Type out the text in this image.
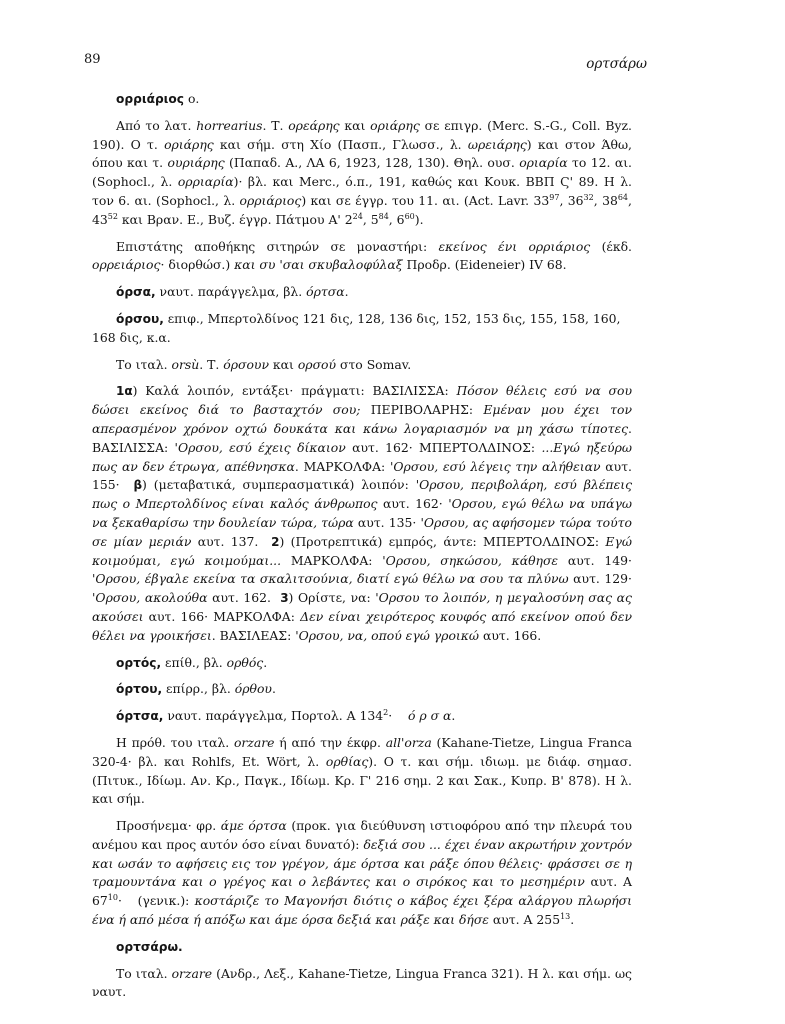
89	ορτσάρω

ορριάριος ο.

Από το λατ. horrearius. Τ. ορεάρης και οριάρης σε επιγρ. (Merc. S.-G., Coll. Byz. 190). Ο τ. οριάρης και σήμ. στη Χίο (Πασπ., Γλωσσ., λ. ωρειάρης) και στον Άθω, όπου και τ. ουριάρης (Παπαδ. Α., ΛΑ 6, 1923, 128, 130). Θηλ. ουσ. οριαρία το 12. αι. (Sophocl., λ. ορριαρία)· βλ. και Merc., ό.π., 191, καθώς και Κουκ. ΒΒΠ Ϛ' 89. Η λ. τον 6. αι. (Sophocl., λ. ορριάριος) και σε έγγρ. του 11. αι. (Act. Lavr. $33^{97}$, $36^{32}$, $38^{64}$, $43^{52}$ και Βραν. Ε., Βυζ. έγγρ. Πάτμου Α' $2^{24}$, $5^{84}$, $6^{60}$).

Επιστάτης αποθήκης σιτηρών σε μοναστήρι: εκείνος ένι ορριάριος (έκδ. ορρειάριος· διορθώσ.) και συ 'σαι σκυβαλοφύλαξ Προδρ. (Eideneier) IV 68.

όρσα, ναυτ. παράγγελμα, βλ. όρτσα.

όρσου, επιφ., Μπερτολδίνος 121 δις, 128, 136 δις, 152, 153 δις, 155, 158, 160, 168 δις, κ.α.

Το ιταλ. orsù. Τ. όρσουν και ορσού στο Somav.

1α) Καλά λοιπόν, εντάξει· πράγματι: ΒΑΣΙΛΙΣΣΑ: Πόσον θέλεις εσύ να σου δώσει εκείνος διά το βασταχτόν σου; ΠΕΡΙΒΟΛΑΡΗΣ: Εμέναν μου έχει τον απερασμένον χρόνον οχτώ δουκάτα και κάνω λογαριασμόν να μη χάσω τίποτες. ΒΑΣΙΛΙΣΣΑ: 'Ορσου, εσύ έχεις δίκαιον αυτ. 162· ΜΠΕΡΤΟΛΔΙΝΟΣ: ...Εγώ ηξεύρω πως αν δεν έτρωγα, απέθνησκα. ΜΑΡΚΟΛΦΑ: 'Ορσου, εσύ λέγεις την αλήθειαν αυτ. 155·  β) (μεταβατικά, συμπερασματικά) λοιπόν: 'Ορσου, περιβολάρη, εσύ βλέπεις πως ο Μπερτολδίνος είναι καλός άνθρωπος αυτ. 162· 'Ορσου, εγώ θέλω να υπάγω να ξεκαθαρίσω την δουλείαν τώρα, τώρα αυτ. 135· 'Ορσου, ας αφήσομεν τώρα τούτο σε μίαν μεριάν αυτ. 137.  2) (Προτρεπτικά) εμπρός, άντε: ΜΠΕΡΤΟΛΔΙΝΟΣ: Εγώ κοιμούμαι, εγώ κοιμούμαι... ΜΑΡΚΟΛΦΑ: 'Ορσου, σηκώσου, κάθησε αυτ. 149· 'Ορσου, έβγαλε εκείνα τα σκαλιτσούνια, διατί εγώ θέλω να σου τα πλύνω αυτ. 129· 'Ορσου, ακολούθα αυτ. 162.  3) Ορίστε, να: 'Ορσου το λοιπόν, η μεγαλοσύνη σας ας ακούσει αυτ. 166· ΜΑΡΚΟΛΦΑ: Δεν είναι χειρότερος κουφός από εκείνον οπού δεν θέλει να γροικήσει. ΒΑΣΙΛΕΑΣ: 'Ορσου, να, οπού εγώ γροικώ αυτ. 166.

ορτός, επίθ., βλ. ορθός.

όρτου, επίρρ., βλ. όρθου.

όρτσα, ναυτ. παράγγελμα, Πορτολ. Α $134^2\cdot$    ό ρ σ α.

Η πρόθ. του ιταλ. orzare ή από την έκφρ. all'orza (Kahane-Tietze, Lingua Franca 320-4· βλ. και Rohlfs, Et. Wört, λ. ορθίας). Ο τ. και σήμ. ιδιωμ. με διάφ. σημασ. (Πιτυκ., Ιδίωμ. Αν. Κρ., Παγκ., Ιδίωμ. Κρ. Γ' 216 σημ. 2 και Σακ., Κυπρ. Β' 878). Η λ. και σήμ.

Προσήνεμα· φρ. άμε όρτσα (προκ. για διεύθυνση ιστιοφόρου από την πλευρά του ανέμου και προς αυτόν όσο είναι δυνατό): δεξιά σου ... έχει έναν ακρωτήριν χοντρόν και ωσάν το αφήσεις εις τον γρέγον, άμε όρτσα και ράξε όπου θέλεις· φράσσει σε η τραμουντάνα και ο γρέγος και ο λεβάντες και ο σιρόκος και το μεσημέριν αυτ. Α $67^{10}\cdot (\gamma\varepsilon\nu\iota\kappa.)$: κοστάριζε το Μαγονήσι διότις ο κάβος έχει ξέρα αλάργου πλωρήσι ένα ή από μέσα ή απόξω και άμε όρσα δεξιά και ράξε και δήσε αυτ. Α $255^{13}$.

ορτσάρω.

Το ιταλ. orzare (Ανδρ., Λεξ., Kahane-Tietze, Lingua Franca 321). Η λ. και σήμ. ως ναυτ.
